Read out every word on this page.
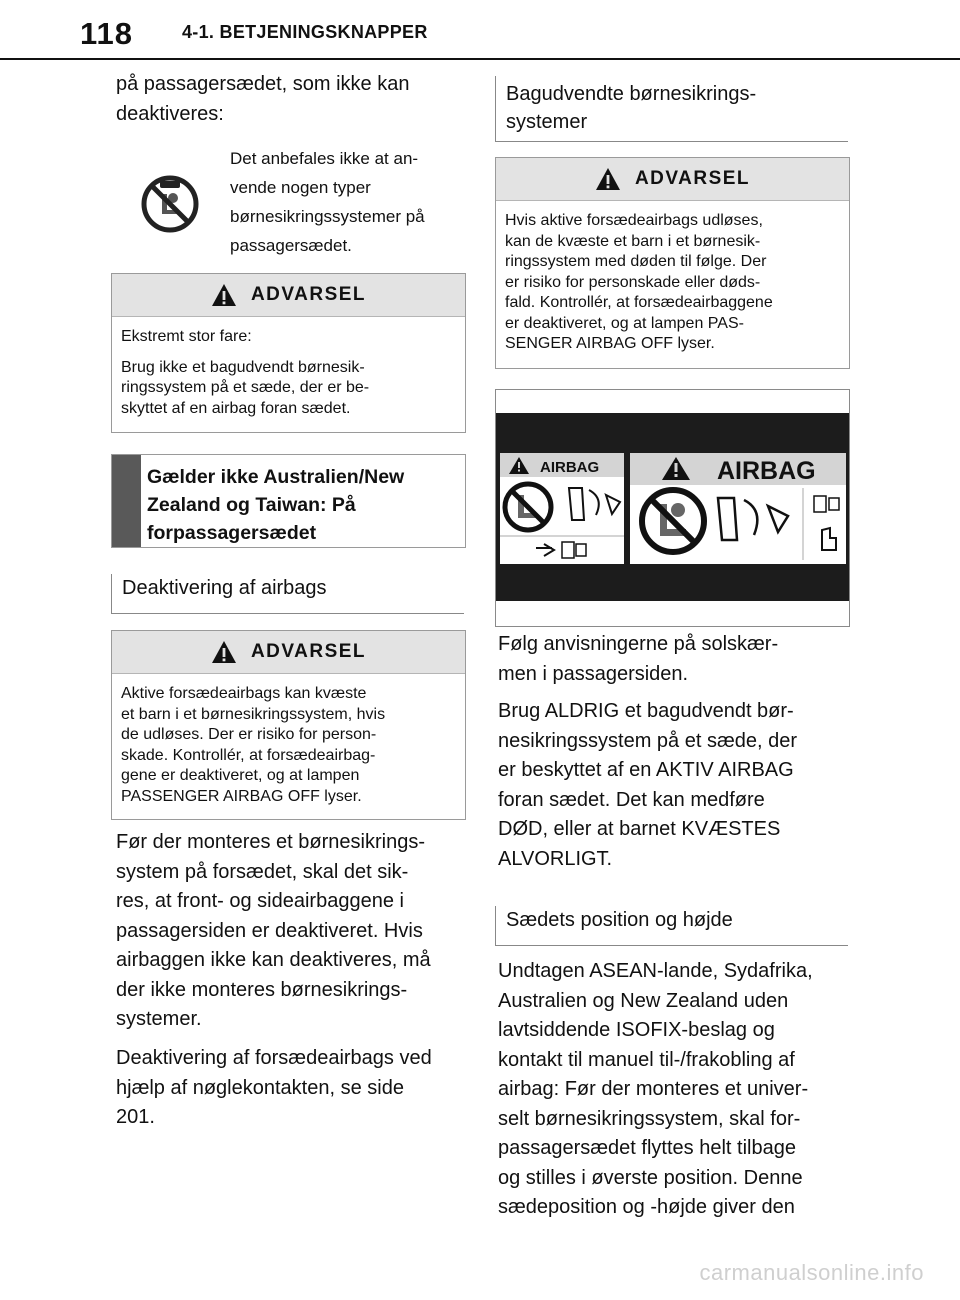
118	4-1. BETJENINGSKNAPPER
på passagersædet, som ikke kan
deaktiveres:
Det anbefales ikke at an-
vende nogen typer
børnesikringssystemer på
passagersædet.
ADVARSEL

Ekstremt stor fare:

Brug ikke et bagudvendt børnesik-
ringssystem på et sæde, der er be-
skyttet af en airbag foran sædet.

Gælder ikke Australien/New
Zealand og Taiwan: På
forpassagersædet
Deaktivering af airbags
ADVARSEL
Aktive forsædeairbags kan kvæste
et barn i et børnesikringssystem, hvis
de udløses. Der er risiko for person-
skade. Kontrollér, at forsædeairbag-
gene er deaktiveret, og at lampen
PASSENGER AIRBAG OFF lyser.
Før der monteres et børnesikrings-
system på forsædet, skal det sik-
res, at front- og sideairbaggene i
passagersiden er deaktiveret. Hvis
airbaggen ikke kan deaktiveres, må
der ikke monteres børnesikrings-
systemer.
Deaktivering af forsædeairbags ved
hjælp af nøglekontakten, se side
201.
Bagudvendte børnesikrings-
systemer
ADVARSEL
Hvis aktive forsædeairbags udløses,
kan de kvæste et barn i et børnesik-
ringssystem med døden til følge. Der
er risiko for personskade eller døds-
fald. Kontrollér, at forsædeairbaggene
er deaktiveret, og at lampen PAS-
SENGER AIRBAG OFF lyser.
AIRBAG	AIRBAG
Følg anvisningerne på solskær-
men i passagersiden.
Brug ALDRIG et bagudvendt bør-
nesikringssystem på et sæde, der
er beskyttet af en AKTIV AIRBAG
foran sædet. Det kan medføre
DØD, eller at barnet KVÆSTES
ALVORLIGT.
Sædets position og højde
Undtagen ASEAN-lande, Sydafrika,
Australien og New Zealand uden
lavtsiddende ISOFIX-beslag og
kontakt til manuel til-/frakobling af
airbag: Før der monteres et univer-
selt børnesikringssystem, skal for-
passagersædet flyttes helt tilbage
og stilles i øverste position. Denne
sædeposition og -højde giver den
carmanualsonline.info
